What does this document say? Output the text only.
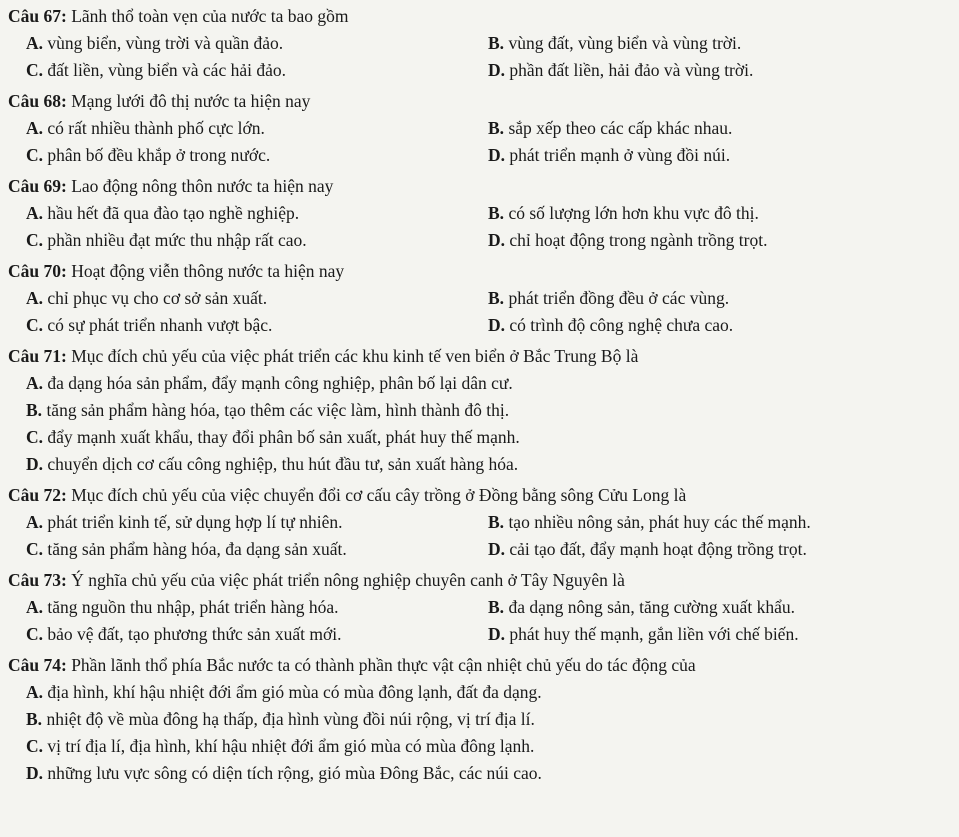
Câu 67: Lãnh thổ toàn vẹn của nước ta bao gồm
A. vùng biển, vùng trời và quần đảo.	B. vùng đất, vùng biển và vùng trời.
C. đất liền, vùng biển và các hải đảo.	D. phần đất liền, hải đảo và vùng trời.
Câu 68: Mạng lưới đô thị nước ta hiện nay
A. có rất nhiều thành phố cực lớn.	B. sắp xếp theo các cấp khác nhau.
C. phân bố đều khắp ở trong nước.	D. phát triển mạnh ở vùng đồi núi.
Câu 69: Lao động nông thôn nước ta hiện nay
A. hầu hết đã qua đào tạo nghề nghiệp.	B. có số lượng lớn hơn khu vực đô thị.
C. phần nhiều đạt mức thu nhập rất cao.	D. chỉ hoạt động trong ngành trồng trọt.
Câu 70: Hoạt động viễn thông nước ta hiện nay
A. chỉ phục vụ cho cơ sở sản xuất.	B. phát triển đồng đều ở các vùng.
C. có sự phát triển nhanh vượt bậc.	D. có trình độ công nghệ chưa cao.
Câu 71: Mục đích chủ yếu của việc phát triển các khu kinh tế ven biển ở Bắc Trung Bộ là
A. đa dạng hóa sản phẩm, đẩy mạnh công nghiệp, phân bố lại dân cư.
B. tăng sản phẩm hàng hóa, tạo thêm các việc làm, hình thành đô thị.
C. đẩy mạnh xuất khẩu, thay đổi phân bố sản xuất, phát huy thế mạnh.
D. chuyển dịch cơ cấu công nghiệp, thu hút đầu tư, sản xuất hàng hóa.
Câu 72: Mục đích chủ yếu của việc chuyển đổi cơ cấu cây trồng ở Đồng bằng sông Cửu Long là
A. phát triển kinh tế, sử dụng hợp lí tự nhiên.	B. tạo nhiều nông sản, phát huy các thế mạnh.
C. tăng sản phẩm hàng hóa, đa dạng sản xuất.	D. cải tạo đất, đẩy mạnh hoạt động trồng trọt.
Câu 73: Ý nghĩa chủ yếu của việc phát triển nông nghiệp chuyên canh ở Tây Nguyên là
A. tăng nguồn thu nhập, phát triển hàng hóa.	B. đa dạng nông sản, tăng cường xuất khẩu.
C. bảo vệ đất, tạo phương thức sản xuất mới.	D. phát huy thế mạnh, gắn liền với chế biến.
Câu 74: Phần lãnh thổ phía Bắc nước ta có thành phần thực vật cận nhiệt chủ yếu do tác động của
A. địa hình, khí hậu nhiệt đới ẩm gió mùa có mùa đông lạnh, đất đa dạng.
B. nhiệt độ về mùa đông hạ thấp, địa hình vùng đồi núi rộng, vị trí địa lí.
C. vị trí địa lí, địa hình, khí hậu nhiệt đới ẩm gió mùa có mùa đông lạnh.
D. những lưu vực sông có diện tích rộng, gió mùa Đông Bắc, các núi cao.
